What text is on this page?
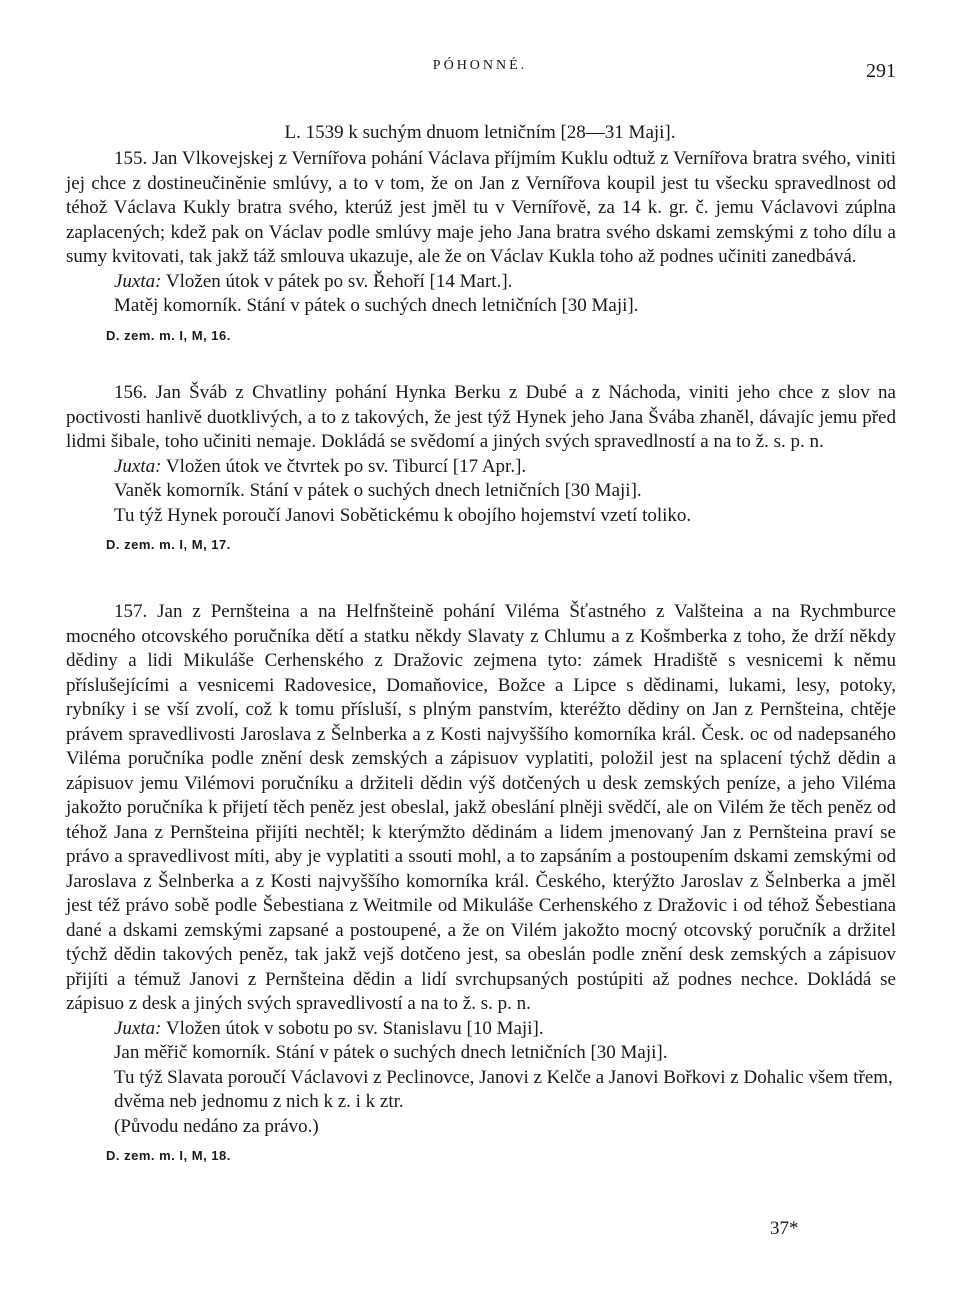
PÓHONNÉ.	291
L. 1539 k suchým dnuom letničním [28—31 Maji].

155. Jan Vlkovejskej z Vernířova pohání Václava příjmím Kuklu odtuž z Vernířova bratra svého, viniti jej chce z dostineučiněnie smlúvy, a to v tom, že on Jan z Vernířova koupil jest tu všecku spravedlnost od téhož Václava Kukly bratra svého, kterúž jest jměl tu v Vernířově, za 14 k. gr. č. jemu Václavovi zúplna zaplacených; kdež pak on Václav podle smlúvy maje jeho Jana bratra svého dskami zemskými z toho dílu a sumy kvitovati, tak jakž táž smlouva ukazuje, ale že on Václav Kukla toho až podnes učiniti zanedbává.

Juxta: Vložen útok v pátek po sv. Řehoří [14 Mart.].

Matěj komorník. Stání v pátek o suchých dnech letničních [30 Maji].

D. zem. m. I, M, 16.

156. Jan Šváb z Chvatliny pohání Hynka Berku z Dubé a z Náchoda, viniti jeho chce z slov na poctivosti hanlivě duotklivých, a to z takových, že jest týž Hynek jeho Jana Švába zhaněl, dávajíc jemu před lidmi šibale, toho učiniti nemaje. Dokládá se svědomí a jiných svých spravedlností a na to ž. s. p. n.

Juxta: Vložen útok ve čtvrtek po sv. Tiburcí [17 Apr.].

Vaněk komorník. Stání v pátek o suchých dnech letničních [30 Maji].

Tu týž Hynek poroučí Janovi Sobětickému k obojího hojemství vzetí toliko.

D. zem. m. I, M, 17.

157. Jan z Pernšteina a na Helfnšteině pohání Viléma Šťastného z Valšteina a na Rychmburce mocného otcovského poručníka dětí a statku někdy Slavaty z Chlumu a z Košmberka z toho, že drží někdy dědiny a lidi Mikuláše Cerhenského z Dražovic zejmena tyto: zámek Hradiště s vesnicemi k němu příslušejícími a vesnicemi Radovesice, Domaňovice, Božce a Lipce s dědinami, lukami, lesy, potoky, rybníky i se vší zvolí, což k tomu přísluší, s plným panstvím, kteréžto dědiny on Jan z Pernšteina, chtěje právem spravedlivosti Jaroslava z Šelnberka a z Kosti najvyššího komorníka král. Česk. oc od nadepsaného Viléma poručníka podle znění desk zemských a zápisuov vyplatiti, položil jest na splacení týchž dědin a zápisuov jemu Vilémovi poručníku a držiteli dědin výš dotčených u desk zemských peníze, a jeho Viléma jakožto poručníka k přijetí těch peněz jest obeslal, jakž obeslání plněji svědčí, ale on Vilém že těch peněz od téhož Jana z Pernšteina přijíti nechtěl; k kterýmžto dědinám a lidem jmenovaný Jan z Pernšteina praví se právo a spravedlivost míti, aby je vyplatiti a ssouti mohl, a to zapsáním a postoupením dskami zemskými od Jaroslava z Šelnberka a z Kosti najvyššího komorníka král. Českého, kterýžto Jaroslav z Šelnberka a jměl jest též právo sobě podle Šebestiana z Weitmile od Mikuláše Cerhenského z Dražovic i od téhož Šebestiana dané a dskami zemskými zapsané a postoupené, a že on Vilém jakožto mocný otcovský poručník a držitel týchž dědin takových peněz, tak jakž vejš dotčeno jest, sa obeslán podle znění desk zemských a zápisuov přijíti a témuž Janovi z Pernšteina dědin a lidí svrchupsaných postúpiti až podnes nechce. Dokládá se zápisuo z desk a jiných svých spravedlivostí a na to ž. s. p. n.

Juxta: Vložen útok v sobotu po sv. Stanislavu [10 Maji].

Jan měřič komorník. Stání v pátek o suchých dnech letničních [30 Maji].

Tu týž Slavata poroučí Václavovi z Peclinovce, Janovi z Kelče a Janovi Bořkovi z Dohalic všem třem, dvěma neb jednomu z nich k z. i k ztr.

(Původu nedáno za právo.)

D. zem. m. I, M, 18.
37*
